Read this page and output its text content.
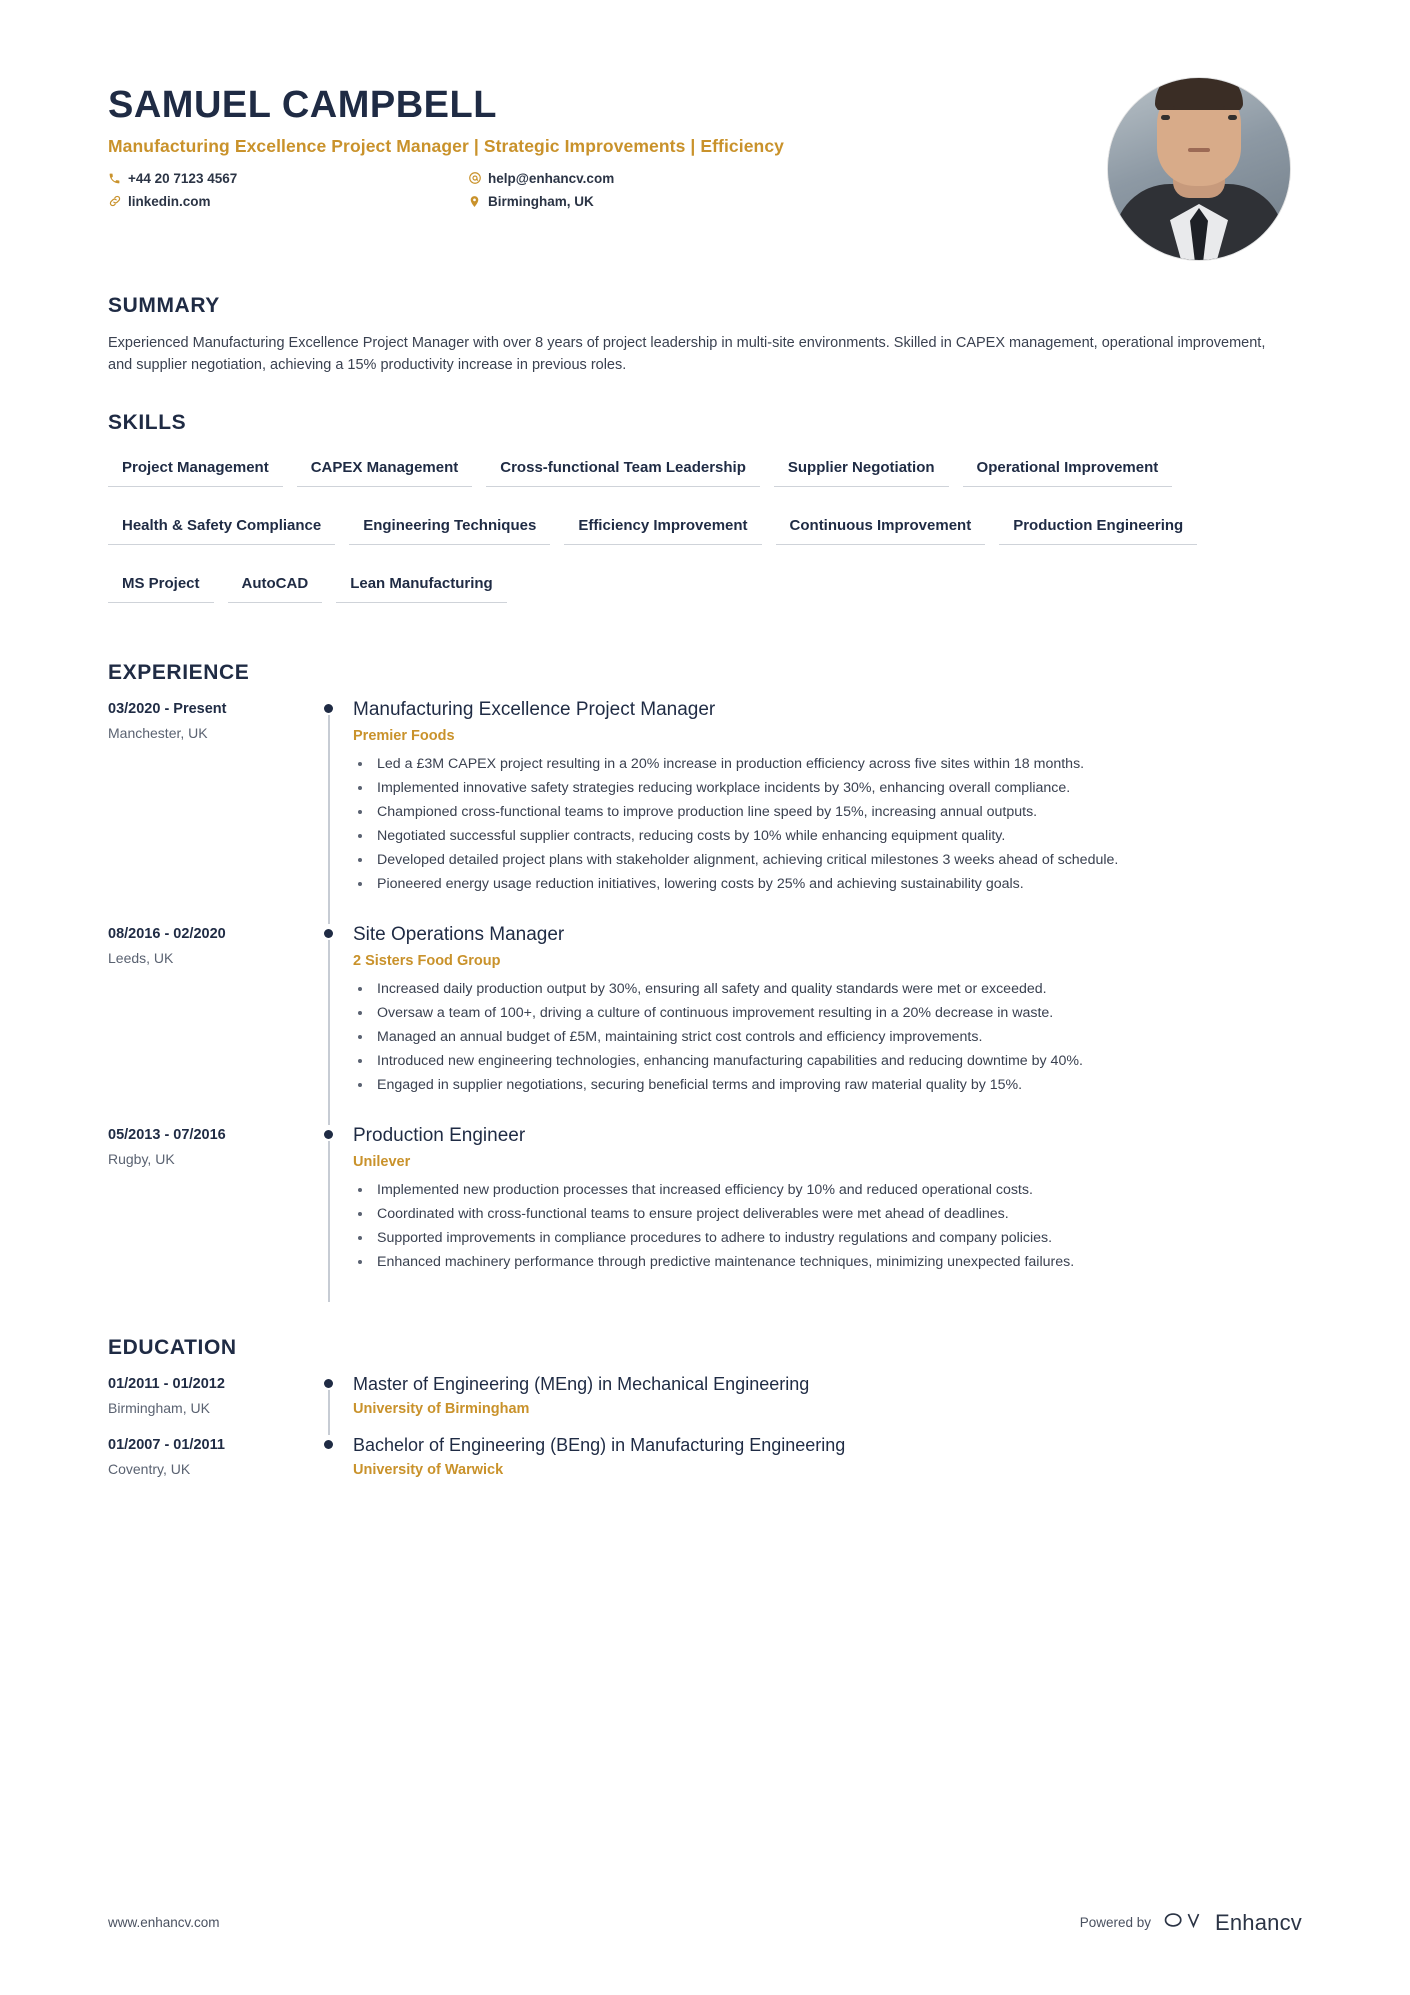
SAMUEL CAMPBELL
Manufacturing Excellence Project Manager | Strategic Improvements | Efficiency
+44 20 7123 4567	help@enhancv.com
linkedin.com	Birmingham, UK
SUMMARY
Experienced Manufacturing Excellence Project Manager with over 8 years of project leadership in multi-site environments. Skilled in CAPEX management, operational improvement, and supplier negotiation, achieving a 15% productivity increase in previous roles.
SKILLS
Project Management	CAPEX Management	Cross-functional Team Leadership	Supplier Negotiation	Operational Improvement
Health & Safety Compliance	Engineering Techniques	Efficiency Improvement	Continuous Improvement	Production Engineering
MS Project	AutoCAD	Lean Manufacturing
EXPERIENCE
03/2020 - Present
Manchester, UK
Manufacturing Excellence Project Manager
Premier Foods
• Led a £3M CAPEX project resulting in a 20% increase in production efficiency across five sites within 18 months.
• Implemented innovative safety strategies reducing workplace incidents by 30%, enhancing overall compliance.
• Championed cross-functional teams to improve production line speed by 15%, increasing annual outputs.
• Negotiated successful supplier contracts, reducing costs by 10% while enhancing equipment quality.
• Developed detailed project plans with stakeholder alignment, achieving critical milestones 3 weeks ahead of schedule.
• Pioneered energy usage reduction initiatives, lowering costs by 25% and achieving sustainability goals.
08/2016 - 02/2020
Leeds, UK
Site Operations Manager
2 Sisters Food Group
• Increased daily production output by 30%, ensuring all safety and quality standards were met or exceeded.
• Oversaw a team of 100+, driving a culture of continuous improvement resulting in a 20% decrease in waste.
• Managed an annual budget of £5M, maintaining strict cost controls and efficiency improvements.
• Introduced new engineering technologies, enhancing manufacturing capabilities and reducing downtime by 40%.
• Engaged in supplier negotiations, securing beneficial terms and improving raw material quality by 15%.
05/2013 - 07/2016
Rugby, UK
Production Engineer
Unilever
• Implemented new production processes that increased efficiency by 10% and reduced operational costs.
• Coordinated with cross-functional teams to ensure project deliverables were met ahead of deadlines.
• Supported improvements in compliance procedures to adhere to industry regulations and company policies.
• Enhanced machinery performance through predictive maintenance techniques, minimizing unexpected failures.
EDUCATION
01/2011 - 01/2012
Birmingham, UK
Master of Engineering (MEng) in Mechanical Engineering
University of Birmingham
01/2007 - 01/2011
Coventry, UK
Bachelor of Engineering (BEng) in Manufacturing Engineering
University of Warwick
www.enhancv.com	Powered by	Enhancv
